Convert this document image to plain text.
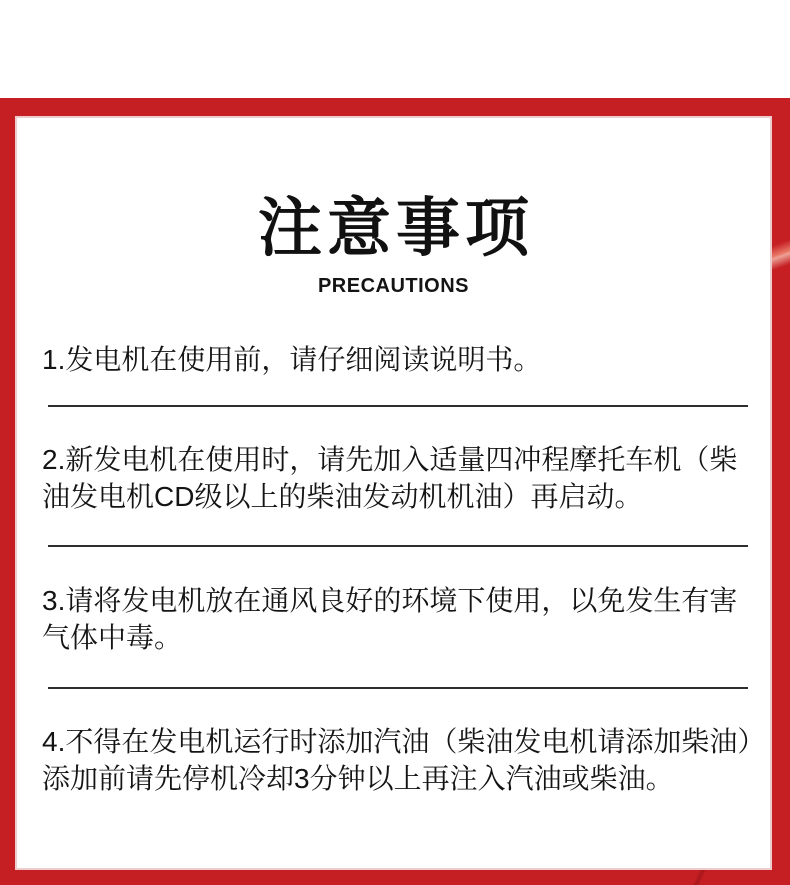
注意事项
PRECAUTIONS
1.发电机在使用前，请仔细阅读说明书。
2.新发电机在使用时，请先加入适量四冲程摩托车机（柴
油发电机CD级以上的柴油发动机机油）再启动。
3.请将发电机放在通风良好的环境下使用，以免发生有害
气体中毒。
4.不得在发电机运行时添加汽油（柴油发电机请添加柴油）
添加前请先停机冷却3分钟以上再注入汽油或柴油。
